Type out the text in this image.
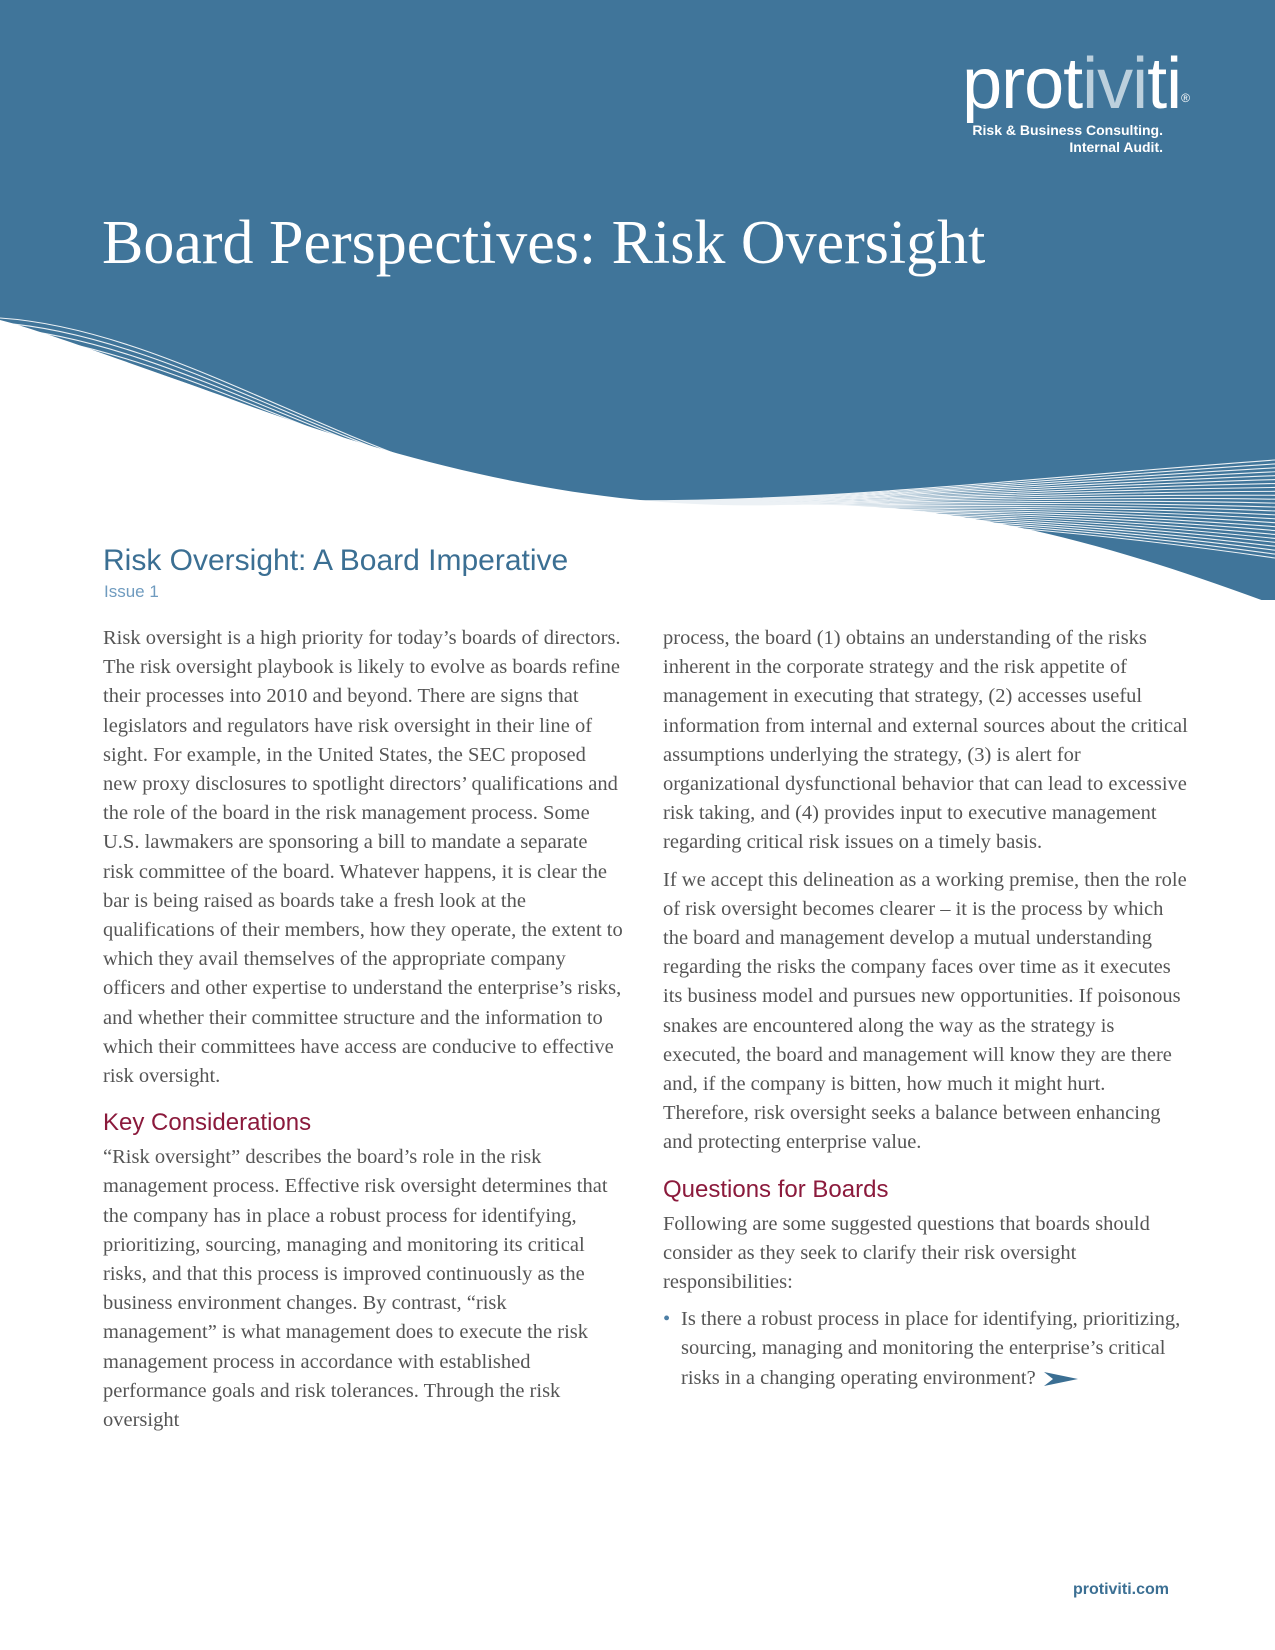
protiviti®
Risk & Business Consulting.
Internal Audit.
Board Perspectives: Risk Oversight
Risk Oversight: A Board Imperative
Issue 1

Risk oversight is a high priority for today’s boards of directors. The risk oversight playbook is likely to evolve as boards refine their processes into 2010 and beyond. There are signs that legislators and regulators have risk oversight in their line of sight. For example, in the United States, the SEC proposed new proxy disclosures to spotlight directors’ qualifications and the role of the board in the risk management process. Some U.S. lawmakers are sponsoring a bill to mandate a separate risk committee of the board. Whatever happens, it is clear the bar is being raised as boards take a fresh look at the qualifications of their members, how they operate, the extent to which they avail themselves of the appropriate company officers and other expertise to understand the enterprise’s risks, and whether their committee structure and the information to which their committees have access are conducive to effective risk oversight.

Key Considerations

“Risk oversight” describes the board’s role in the risk management process. Effective risk oversight determines that the company has in place a robust process for identifying, prioritizing, sourcing, managing and monitoring its critical risks, and that this process is improved continuously as the business environment changes. By contrast, “risk management” is what management does to execute the risk management process in accordance with established performance goals and risk tolerances. Through the risk oversight

process, the board (1) obtains an understanding of the risks inherent in the corporate strategy and the risk appetite of management in executing that strategy, (2) accesses useful information from internal and external sources about the critical assumptions underlying the strategy, (3) is alert for organizational dysfunctional behavior that can lead to excessive risk taking, and (4) provides input to executive management regarding critical risk issues on a timely basis.

If we accept this delineation as a working premise, then the role of risk oversight becomes clearer – it is the process by which the board and management develop a mutual understanding regarding the risks the company faces over time as it executes its business model and pursues new opportunities. If poisonous snakes are encountered along the way as the strategy is executed, the board and management will know they are there and, if the company is bitten, how much it might hurt. Therefore, risk oversight seeks a balance between enhancing and protecting enterprise value.

Questions for Boards

Following are some suggested questions that boards should consider as they seek to clarify their risk oversight responsibilities:

• Is there a robust process in place for identifying, prioritizing, sourcing, managing and monitoring the enterprise’s critical risks in a changing operating environment?
protiviti.com
